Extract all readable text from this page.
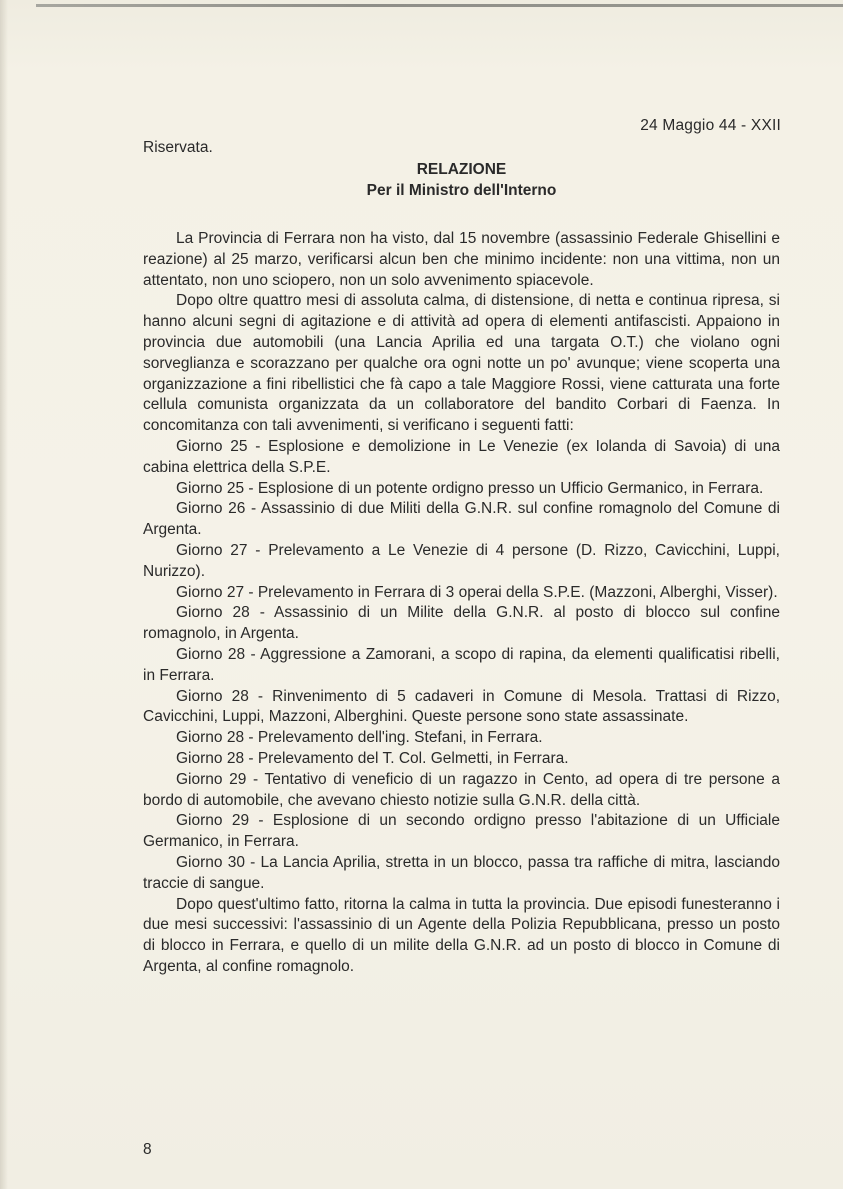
24 Maggio 44 - XXII
Riservata.
RELAZIONE
Per il Ministro dell'Interno

La Provincia di Ferrara non ha visto, dal 15 novembre (assassinio Federale Ghisellini e reazione) al 25 marzo, verificarsi alcun ben che minimo incidente: non una vittima, non un attentato, non uno sciopero, non un solo avvenimento spiacevole.

Dopo oltre quattro mesi di assoluta calma, di distensione, di netta e continua ripresa, si hanno alcuni segni di agitazione e di attività ad opera di elementi antifascisti. Appaiono in provincia due automobili (una Lancia Aprilia ed una targata O.T.) che violano ogni sorveglianza e scorazzano per qualche ora ogni notte un po' avunque; viene scoperta una organizzazione a fini ribellistici che fà capo a tale Maggiore Rossi, viene catturata una forte cellula comunista organizzata da un collaboratore del bandito Corbari di Faenza. In concomitanza con tali avvenimenti, si verificano i seguenti fatti:

Giorno 25 - Esplosione e demolizione in Le Venezie (ex Iolanda di Savoia) di una cabina elettrica della S.P.E.

Giorno 25 - Esplosione di un potente ordigno presso un Ufficio Germanico, in Ferrara.

Giorno 26 - Assassinio di due Militi della G.N.R. sul confine romagnolo del Comune di Argenta.

Giorno 27 - Prelevamento a Le Venezie di 4 persone (D. Rizzo, Cavicchini, Luppi, Nurizzo).

Giorno 27 - Prelevamento in Ferrara di 3 operai della S.P.E. (Mazzoni, Alberghi, Visser).

Giorno 28 - Assassinio di un Milite della G.N.R. al posto di blocco sul confine romagnolo, in Argenta.

Giorno 28 - Aggressione a Zamorani, a scopo di rapina, da elementi qualificatisi ribelli, in Ferrara.

Giorno 28 - Rinvenimento di 5 cadaveri in Comune di Mesola. Trattasi di Rizzo, Cavicchini, Luppi, Mazzoni, Alberghini. Queste persone sono state assassinate.

Giorno 28 - Prelevamento dell'ing. Stefani, in Ferrara.

Giorno 28 - Prelevamento del T. Col. Gelmetti, in Ferrara.

Giorno 29 - Tentativo di veneficio di un ragazzo in Cento, ad opera di tre persone a bordo di automobile, che avevano chiesto notizie sulla G.N.R. della città.

Giorno 29 - Esplosione di un secondo ordigno presso l'abitazione di un Ufficiale Germanico, in Ferrara.

Giorno 30 - La Lancia Aprilia, stretta in un blocco, passa tra raffiche di mitra, lasciando traccie di sangue.

Dopo quest'ultimo fatto, ritorna la calma in tutta la provincia. Due episodi funesteranno i due mesi successivi: l'assassinio di un Agente della Polizia Repubblicana, presso un posto di blocco in Ferrara, e quello di un milite della G.N.R. ad un posto di blocco in Comune di Argenta, al confine romagnolo.

8
